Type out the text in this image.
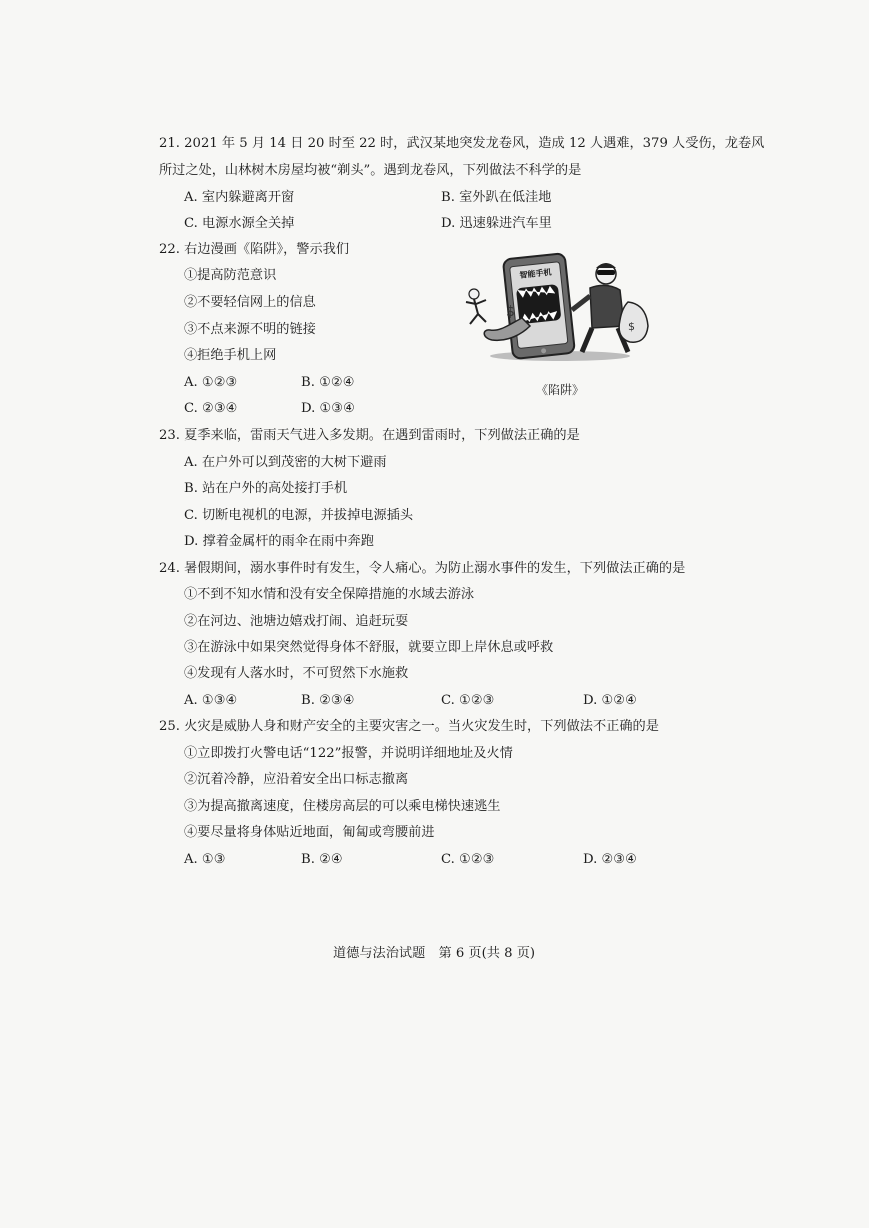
21. 2021 年 5 月 14 日 20 时至 22 时，武汉某地突发龙卷风，造成 12 人遇难，379 人受伤，龙卷风
所过之处，山林树木房屋均被“剃头”。遇到龙卷风，下列做法不科学的是
A. 室内躲避离开窗	B. 室外趴在低洼地
C. 电源水源全关掉	D. 迅速躲进汽车里
22. 右边漫画《陷阱》，警示我们
①提高防范意识
②不要轻信网上的信息
③不点来源不明的链接
④拒绝手机上网
A. ①②③	B. ①②④
C. ②③④	D. ①③④
智能手机
$
$
《陷阱》
23. 夏季来临，雷雨天气进入多发期。在遇到雷雨时，下列做法正确的是
A. 在户外可以到茂密的大树下避雨
B. 站在户外的高处接打手机
C. 切断电视机的电源，并拔掉电源插头
D. 撑着金属杆的雨伞在雨中奔跑
24. 暑假期间，溺水事件时有发生，令人痛心。为防止溺水事件的发生，下列做法正确的是
①不到不知水情和没有安全保障措施的水域去游泳
②在河边、池塘边嬉戏打闹、追赶玩耍
③在游泳中如果突然觉得身体不舒服，就要立即上岸休息或呼救
④发现有人落水时，不可贸然下水施救
A. ①③④	B. ②③④	C. ①②③	D. ①②④
25. 火灾是威胁人身和财产安全的主要灾害之一。当火灾发生时，下列做法不正确的是
①立即拨打火警电话“122”报警，并说明详细地址及火情
②沉着冷静，应沿着安全出口标志撤离
③为提高撤离速度，住楼房高层的可以乘电梯快速逃生
④要尽量将身体贴近地面，匍匐或弯腰前进
A. ①③	B. ②④	C. ①②③	D. ②③④
道德与法治试题　第 6 页(共 8 页)
